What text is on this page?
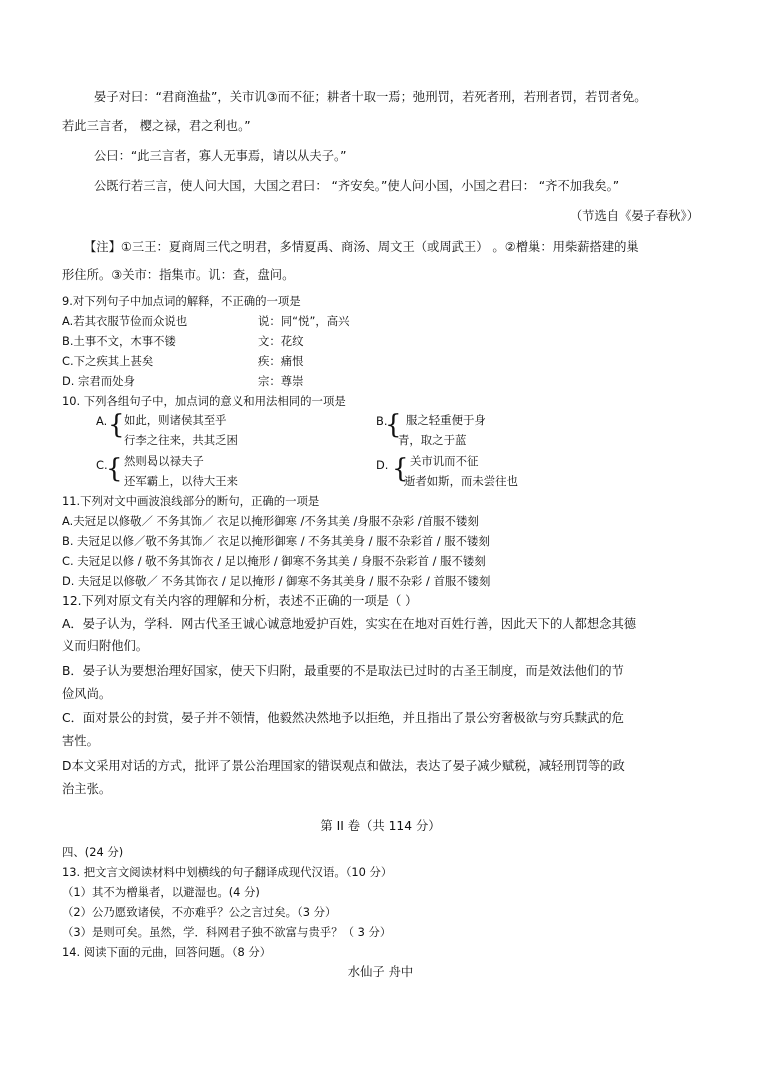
晏子对曰：“君商渔盐”，关市讥③而不征；耕者十取一焉；弛刑罚，若死者刑，若刑者罚，若罚者免。
若此三言者， 樱之禄，君之利也。”
公曰：“此三言者，寡人无事焉，请以从夫子。”
公既行若三言，使人问大国，大国之君曰： “齐安矣。”使人问小国，小国之君曰： “齐不加我矣。”
（节选自《晏子春秋》）
【注】①三王：夏商周三代之明君，多情夏禹、商汤、周文王（或周武王） 。②橧巢：用柴薪搭建的巢
形住所。③关市：指集市。讥：查，盘问。
9.对下列句子中加点词的解释，不正确的一项是
A.若其衣服节俭而众说也	说：同“悦”，高兴
B.土事不文，木事不镂	文：花纹
C.下之疾其上甚矣	疾：痛恨
D. 宗君而处身	宗：尊崇
10. 下列各组句子中，加点词的意义和用法相同的一项是
A. { 如此，则诸侯其至乎
行李之往来，共其乏困
B.
{ 服之轻重便于身
青，取之于蓝
C.
{ 然则曷以禄夫子
还军霸上，以待大王来
D. { 关市讥而不征
逝者如斯，而未尝往也
11.下列对文中画波浪线部分的断句，正确的一项是
A.夫冠足以修敬／ 不务其饰／ 衣足以掩形御寒 /不务其美 /身服不杂彩 /首服不镂刻
B. 夫冠足以修／敬不务其饰／ 衣足以掩形御寒 / 不务其美身 / 服不杂彩首 / 服不镂刻
C. 夫冠足以修 / 敬不务其饰衣 / 足以掩形 / 御寒不务其美 / 身服不杂彩首 / 服不镂刻
D. 夫冠足以修敬／ 不务其饰衣 / 足以掩形 / 御寒不务其美身 / 服不杂彩 / 首服不镂刻
12.下列对原文有关内容的理解和分析，表述不正确的一项是（ ）
A．晏子认为，学科．网古代圣王诚心诚意地爱护百姓，实实在在地对百姓行善，因此天下的人都想念其德
义而归附他们。
B．晏子认为要想治理好国家，使天下归附，最重要的不是取法已过时的古圣王制度，而是效法他们的节
俭风尚。
C．面对景公的封赏，晏子并不领情，他毅然决然地予以拒绝，并且指出了景公穷奢极欲与穷兵黩武的危
害性。
D本文采用对话的方式，批评了景公治理国家的错误观点和做法，表达了晏子减少赋税，减轻刑罚等的政
治主张。
第 II 卷（共 114 分）
四、(24 分)
13. 把文言文阅读材料中划横线的句子翻译成现代汉语。（10 分）
（1）其不为橧巢者，以避湿也。(4 分)
（2）公乃愿致诸侯，不亦难乎？公之言过矣。（3 分）
（3）是则可矣。虽然，学．科网君子独不欲富与贵乎？（ 3 分）
14. 阅读下面的元曲，回答问题。（8 分）
水仙子 舟中
